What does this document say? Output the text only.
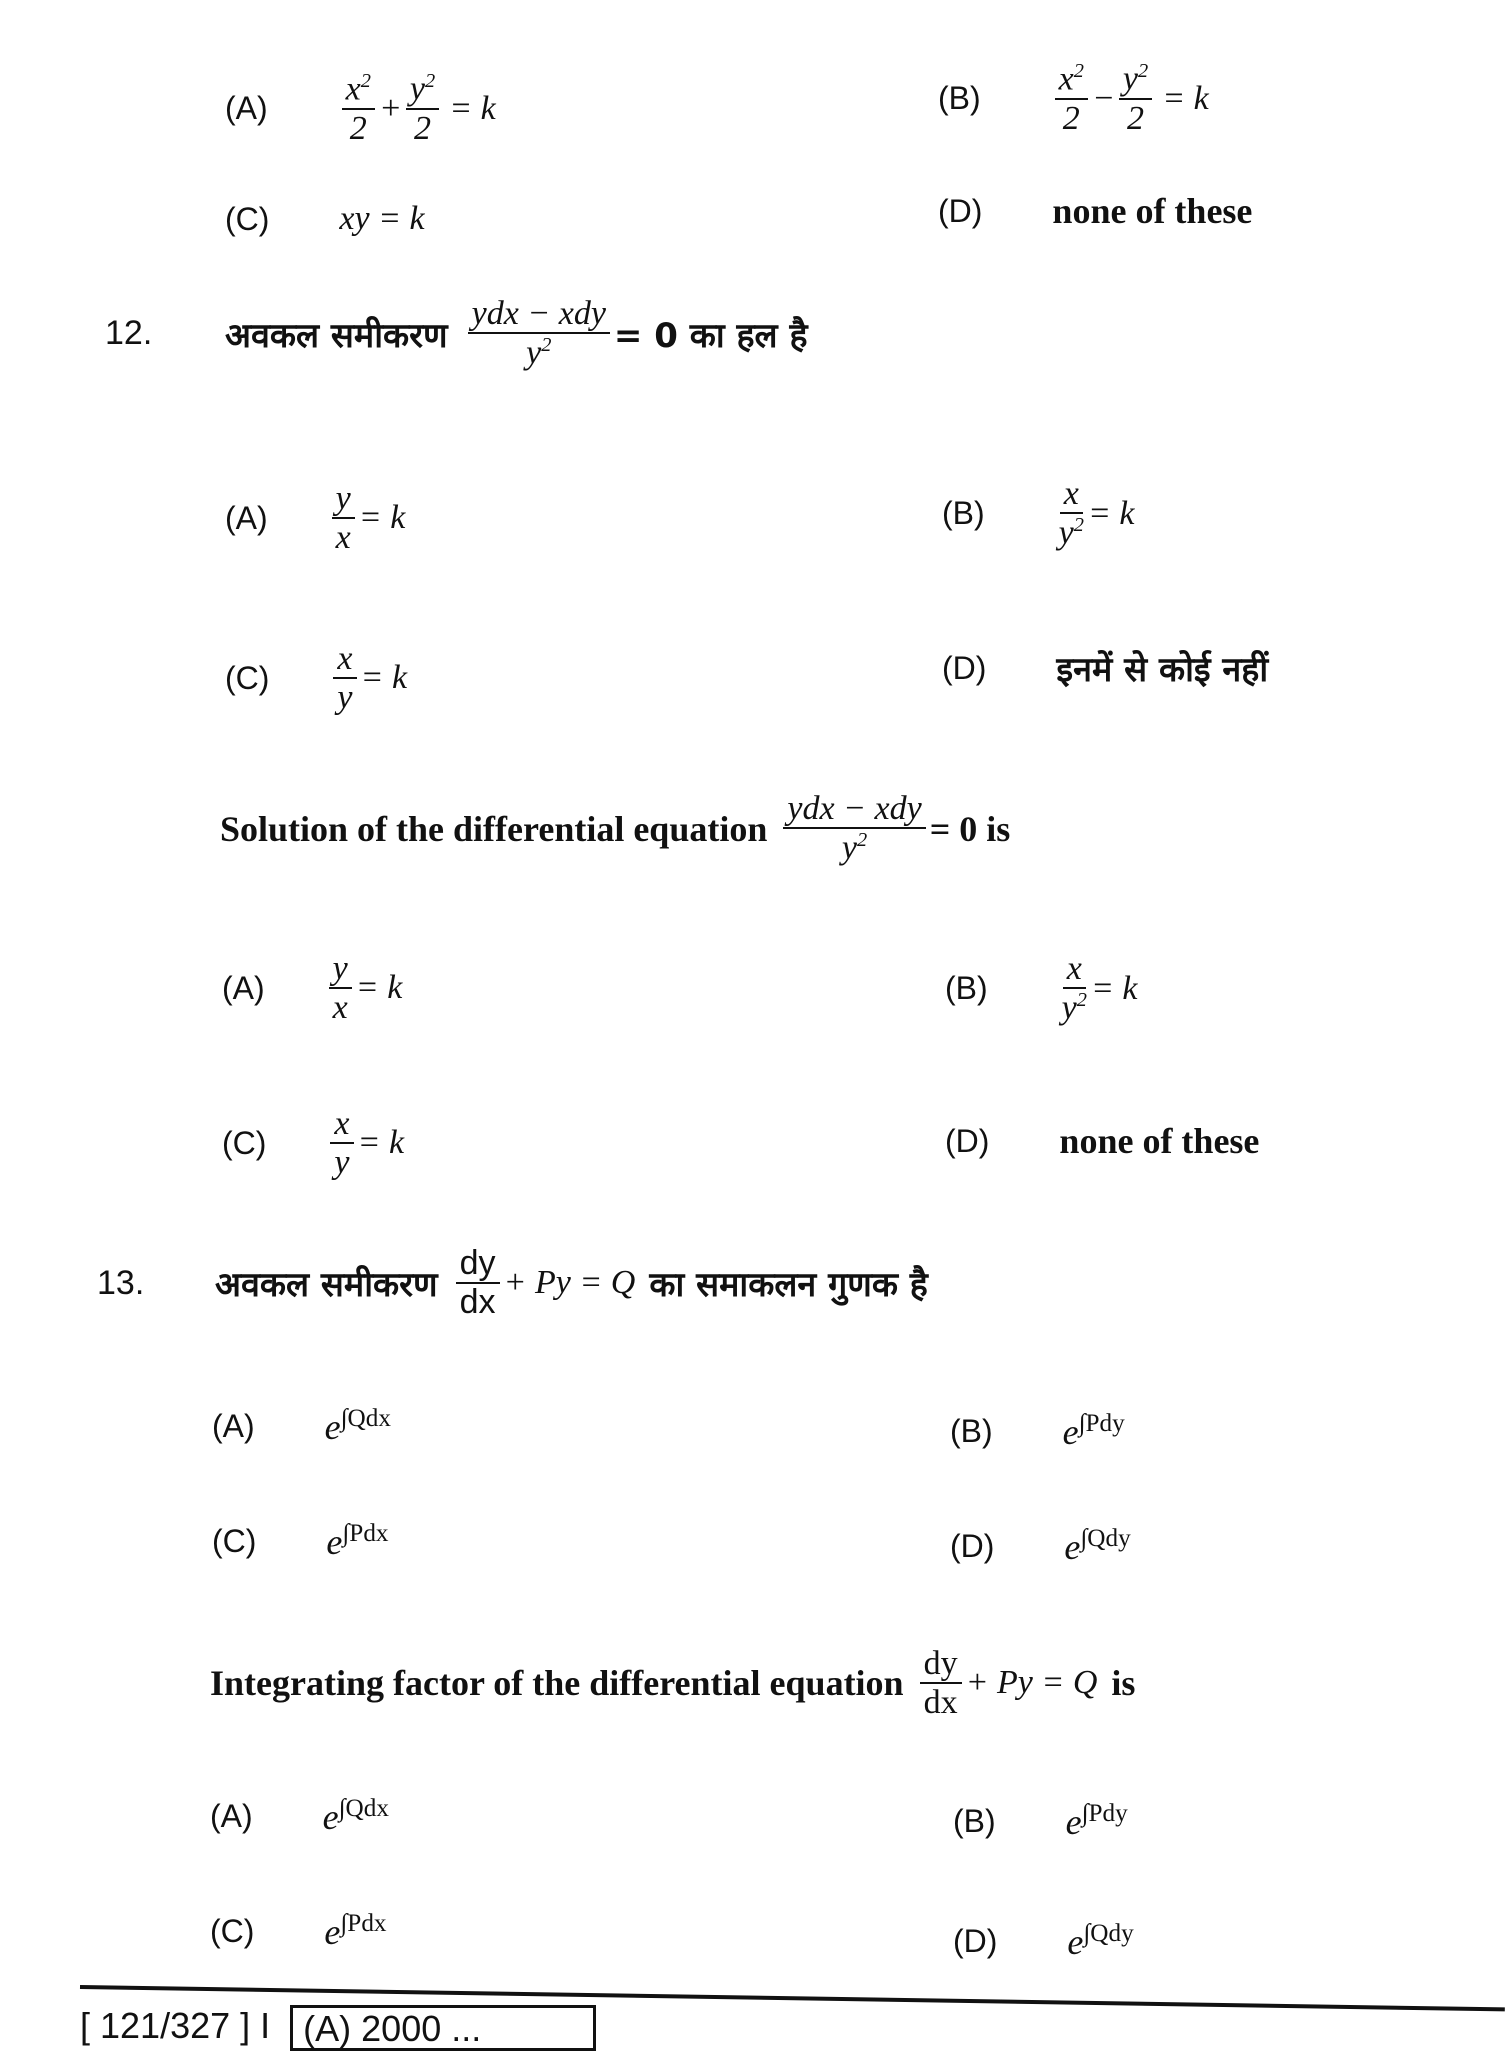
$(A) \frac{x^2}{2} + \frac{y^2}{2} = k$	$(B) \frac{x^2}{2} - \frac{y^2}{2} = k$
(C) xy = k	(D) none of these
12.	अवकल समीकरण $\frac{\text{ydx − xdy}}{y^2} = 0$ का हल है
$(A) \frac{y}{x} = k$	$(B) \frac{x}{y^2} = k$
$(C) \frac{x}{y} = k$	(D) इनमें से कोई नहीं
Solution of the differential equation $\frac{\text{ydx − xdy}}{y^2} = 0$ is
$(A) \frac{y}{x} = k$	$(B) \frac{x}{y^2} = k$
$(C) \frac{x}{y} = k$	(D) none of these
13.	अवकल समीकरण $\frac{dy}{dx} + Py = Q$ का समाकलन गुणक है
(A) $e^{\int Qdx}$	(B) $e^{\int Pdy}$
(C) $e^{\int Pdx}$	(D) $e^{\int Qdy}$
Integrating factor of the differential equation $\frac{dy}{dx} + Py = Q$ is
(A) $e^{\int Qdx}$	(B) $e^{\int Pdy}$
(C) $e^{\int Pdx}$	(D) $e^{\int Qdy}$
[ 121/327 ] I (A) 2000 ...
